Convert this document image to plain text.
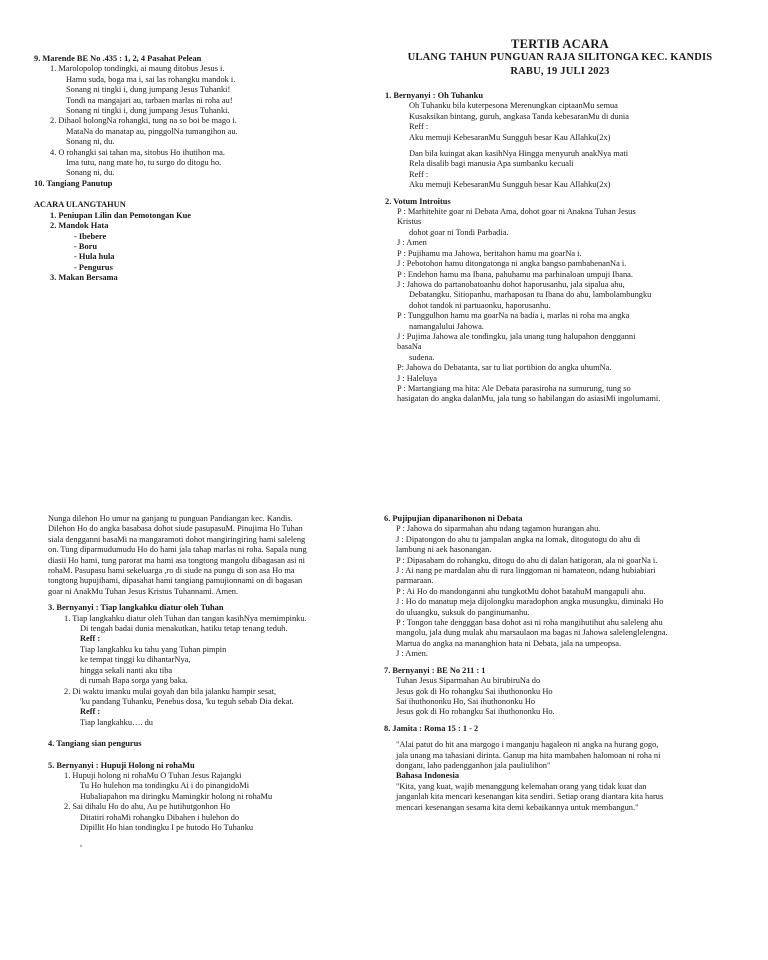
9. Marende BE No .435 : 1, 2, 4 Pasahat Pelean
1. Marolopolop tondingki, ai maung ditobus Jesus i.
Hamu suda, boga ma i, sai las rohangku mandok i.
Sonang ni tingki i, dung jumpang Jesus Tuhanki!
Tondi na mangajari au, tarbaen marlas ni roha au!
Sonang ni tingki i, dung jumpang Jesus Tuhanki.
2. Dihaol holongNa rohangki, tung na so boi be mago i.
MataNa do manatap au, pinggolNa tumangihon au.
Sonang ni, du.
4. O rohangki sai tahan ma, sitobus Ho ihutihon ma.
Ima tutu, nang mate ho, tu surgo do ditogu ho.
Sonang ni, du.
10. Tangiang Panutup
ACARA ULANGTAHUN
1. Peniupan Lilin dan Pemotongan Kue
2. Mandok Hata
- Ibebere
- Boru
- Hula hula
- Pengurus
3. Makan Bersama
TERTIB ACARA
ULANG TAHUN PUNGUAN RAJA SILITONGA KEC. KANDIS
RABU, 19 JULI 2023
1. Bernyanyi : Oh Tuhanku
Oh Tuhanku bila kuterpesona Merenungkan ciptaanMu semua
Kusaksikan bintang, guruh, angkasa Tanda kebesaranMu di dunia
Reff :
Aku memuji KebesaranMu Sungguh besar Kau Allahku(2x)
Dan bila kuingat akan kasihNya Hingga menyuruh anakNya mati
Rela disalib bagi manusia Apa sumbanku kecuali
Reff :
Aku memuji KebesaranMu Sungguh besar Kau Allahku(2x)
2. Votum Introitus
P : Marhitehite goar ni Debata Ama, dohot goar ni Anakna Tuhan Jesus
Kristus
dohot goar ni Tondi Parbadia.
J : Amen
P : Pujihamu ma Jahowa, beritahon hamu ma goarNa i.
J : Pebotohon hamu ditongatonga ni angka bangso pambahenanNa i.
P : Endehon hamu ma Ibana, pahuhamu ma parhinaloan umpuji Ibana.
J : Jahowa do partanobatoanhu dohot haporusanhu, jala sipalua ahu,
Debatangku. Sitiopanhu, marhaposan tu Ibana do ahu, lambolambungku
dohot tandok ni partuaonku, haporusanhu.
P : Tunggulhon hamu ma goarNa na badia i, marlas ni roha ma angka
namangalului Jahowa.
J : Pujima Jahowa ale tondingku, jala unang tung halupahon dengganni
basaNa
sudena.
P: Jahowa do Debatanta, sar tu liat portibion do angka uhumNa.
J : Haleluya
P : Martangiang ma hita: Ale Debata parasiroha na sumurung, tung so
hasigatan do angka dalanMu, jala tung so habilangan do asiasiMi ingolumami.
Nunga dilehon Ho umur na ganjang tu punguan Pandiangan kec. Kandis.
Dilehon Ho do angka basabasa dohot siude pasupasuM. Pinujima Ho Tuhan
siala dengganni basaMi na mangaramoti dohot mangiringiring hami saleleng
on. Tung diparmudumudu Ho do hami jala tahap marlas ni roha. Sapala nung
diasii Ho hami, tung parorat ma hami asa tongtong mangolu dibagasan asi ni
rohaM. Pasupasu hami sekeluarga ,ro di siude na pungu di son asa Ho ma
tongtong hupujihami, dipasahat hami tangiang pamujionnami on di bagasan
goar ni AnakMu Tuhan Jesus Kristus Tuhannami. Amen.
3. Bernyanyi : Tiap langkahku diatur oleh Tuhan
1. Tiap langkahku diatur oleh Tuhan dan tangan kasihNya memimpinku.
Di tengah badai dunia menakutkan, hatiku tetap tenang teduh.
Reff :
Tiap langkahku ku tahu yang Tuhan pimpin
ke tempat tinggi ku dihantarNya,
hingga sekali nanti aku tiba
di rumah Bapa sorga yang baka.
2. Di waktu imanku mulai goyah dan bila jalanku hampir sesat,
'ku pandang Tuhanku, Penebus dosa, 'ku teguh sebab Dia dekat.
Reff :
Tiap langkahku…. du
4. Tangiang sian pengurus
5. Bernyanyi : Hupuji Holong ni rohaMu
1. Hupuji holong ni rohaMu O Tuhan Jesus Rajangki
Tu Ho hulehon ma tondingku Ai i do pinangidoMi
Hubaliapahon ma diringku Mamingkir holong ni rohaMu
2. Sai dihalu Ho do ahu, Au pe hutihutgonhon Ho
Ditatiri rohaMi rohangku Dibahen i hulehon do
Dipillit Ho hian tondingku I pe hutodo Ho Tuhanku
,
6. Pujipujian dipanarihonon ni Debata
P : Jahowa do siparmahan ahu ndang tagamon hurangan ahu.
J : Dipatongon do ahu tu jampalan angka na lomak, ditogutogu do ahu di
lambung ni aek hasonangan.
P : Dipasabam do rohangku, ditogu do ahu di dalan hatigoran, ala ni goarNa i.
J : Ai nang pe mardalan ahu di rura linggoman ni hamateon, ndang hubiabiari
parmaraan.
P : Ai Ho do mandonganni ahu tungkotMu dohot batahuM mangapuli ahu.
J : Ho do manatup meja dijolongku maradophon angka musungku, diminaki Ho
do uluangku, suksuk do panginumanhu.
P : Tongon tahe dengggan basa dohot asi ni roha mangihutihut ahu saleleng ahu
mangolu, jala dung mulak ahu marsaulaon ma bagas ni Jahowa salelenglelengna.
Martua do angka na mananghion hata ni Debata, jala na umpeopsa.
J : Amen.
7. Bernyanyi : BE No 211 : 1
Tuhan Jesus Siparmahan Au birubiruNa do
Jesus gok di Ho rohangku Sai ihuthononku Ho
Sai ihuthononku Ho, Sai ihuthononku Ho
Jesus gok di Ho rohangku Sai ihuthononku Ho.
8. Jamita : Roma 15 : 1 - 2
"Alai patut do hit ana margogo i manganju hagaleon ni angka na hurang gogo,
jala unang ma tahasiani dirinta. Ganup ma hita mambahen halomoan ni roha ni
donganı, laho padengganhon jala pauliulihon"
Bahasa Indonesia
"Kita, yang kuat, wajib menanggung kelemahan orang yang tidak kuat dan
janganlah kita mencari kesenangan kita sendiri. Setiap orang diantara kita harus
mencari kesenangan sesama kita demi kebaikannya untuk membangun."
